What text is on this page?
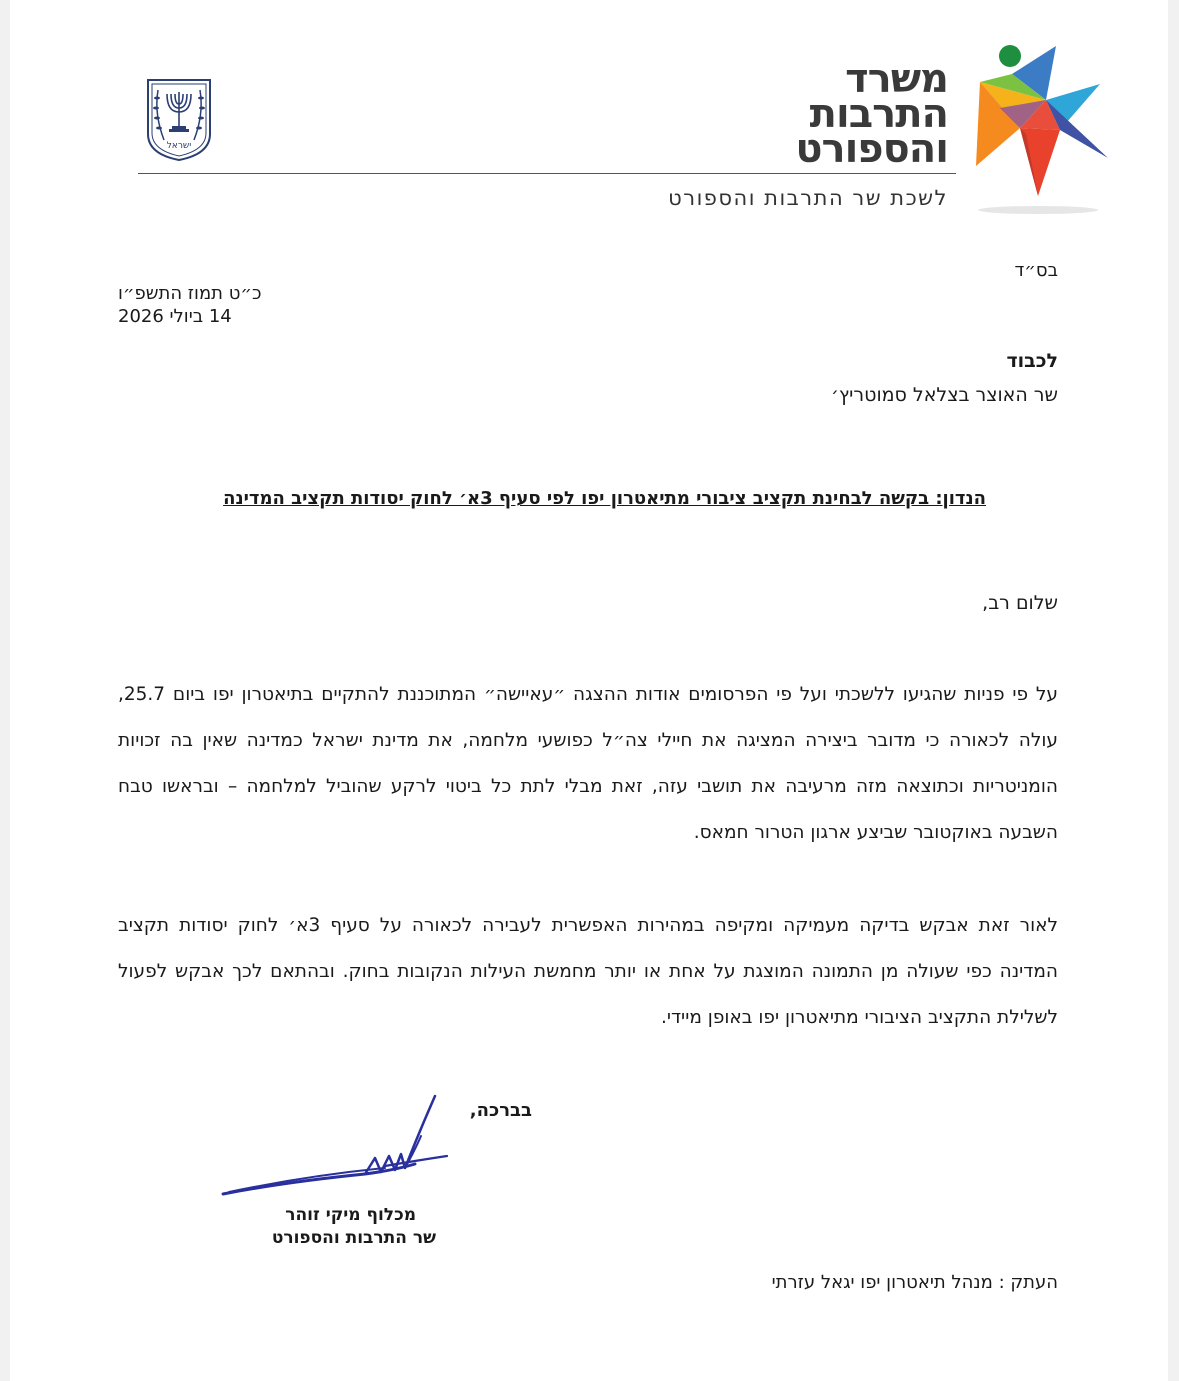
ישראל
משרד
התרבות
והספורט
לשכת שר התרבות והספורט
בס״ד
כ״ט תמוז התשפ״ו
14 ביולי 2026
לכבוד
שר האוצר בצלאל סמוטריץ׳
הנדון: בקשה לבחינת תקציב ציבורי מתיאטרון יפו לפי סעיף 3א׳ לחוק יסודות תקציב המדינה
שלום רב,
על פי פניות שהגיעו ללשכתי ועל פי הפרסומים אודות ההצגה ״עאיישה״ המתוכננת להתקיים בתיאטרון יפו ביום 25.7, עולה לכאורה כי מדובר ביצירה המציגה את חיילי צה״ל כפושעי מלחמה, את מדינת ישראל כמדינה שאין בה זכויות הומניטריות וכתוצאה מזה מרעיבה את תושבי עזה, זאת מבלי לתת כל ביטוי לרקע שהוביל למלחמה – ובראשו טבח השבעה באוקטובר שביצע ארגון הטרור חמאס.
לאור זאת אבקש בדיקה מעמיקה ומקיפה במהירות האפשרית לעבירה לכאורה על סעיף 3א׳ לחוק יסודות תקציב המדינה כפי שעולה מן התמונה המוצגת על אחת או יותר מחמשת העילות הנקובות בחוק. ובהתאם לכך אבקש לפעול לשלילת התקציב הציבורי מתיאטרון יפו באופן מיידי.
בברכה,
מכלוף מיקי זוהר
שר התרבות והספורט
העתק : מנהל תיאטרון יפו יגאל עזרתי
